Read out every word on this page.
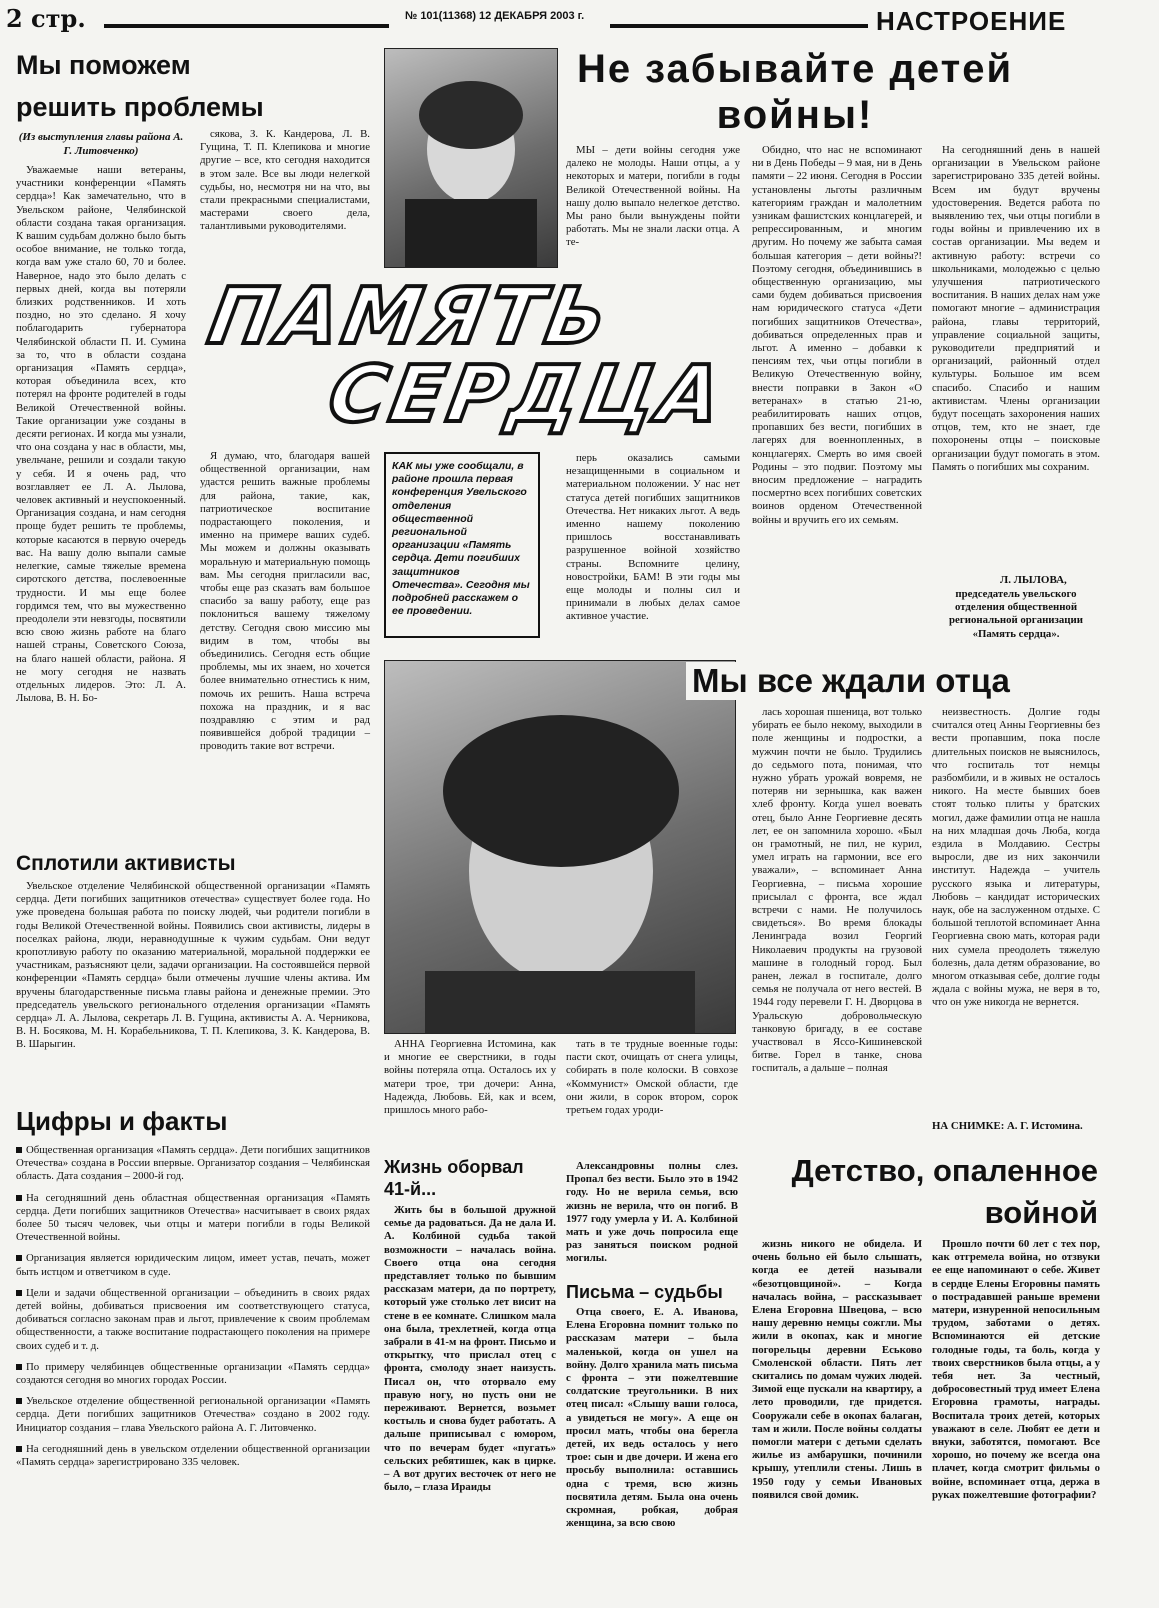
2 стр.	№ 101(11368) 12 ДЕКАБРЯ 2003 г.	НАСТРОЕНИЕ
Мы поможем решить проблемы
(Из выступления главы района А. Г. Литовченко)

Уважаемые наши ветераны, участники конференции «Память сердца»! Как замечательно, что в Увельском районе, Челябинской области создана такая организация. К вашим судьбам должно было быть особое внимание, не только тогда, когда вам уже стало 60, 70 и более. Наверное, надо это было делать с первых дней, когда вы потеряли близких родственников. И хоть поздно, но это сделано. Я хочу поблагодарить губернатора Челябинской области П. И. Сумина за то, что в области создана организация «Память сердца», которая объединила всех, кто потерял на фронте родителей в годы Великой Отечественной войны. Такие организации уже созданы в десяти регионах. И когда мы узнали, что она создана у нас в области, мы, увельчане, решили и создали такую у себя. И я очень рад, что возглавляет ее Л. А. Лылова, человек активный и неуспокоенный. Организация создана, и нам сегодня проще будет решить те проблемы, которые касаются в первую очередь вас. На вашу долю выпали самые нелегкие, самые тяжелые времена сиротского детства, послевоенные трудности. И мы еще более гордимся тем, что вы мужественно преодолели эти невзгоды, посвятили всю свою жизнь работе на благо нашей страны, Советского Союза, на благо нашей области, района. Я не могу сегодня не назвать отдельных лидеров. Это: Л. А. Лылова, В. Н. Бо-

сякова, З. К. Кандерова, Л. В. Гущина, Т. П. Клепикова и многие другие – все, кто сегодня находится в этом зале. Все вы люди нелегкой судьбы, но, несмотря ни на что, вы стали прекрасными специалистами, мастерами своего дела, талантливыми руководителями.

Я думаю, что, благодаря вашей общественной организации, нам удастся решить важные проблемы для района, такие, как, патриотическое воспитание подрастающего поколения, и именно на примере ваших судеб. Мы можем и должны оказывать моральную и материальную помощь вам. Мы сегодня пригласили вас, чтобы еще раз сказать вам большое спасибо за вашу работу, еще раз поклониться вашему тяжелому детству. Сегодня свою миссию мы видим в том, чтобы вы объединились. Сегодня есть общие проблемы, мы их знаем, но хочется более внимательно отнестись к ним, помочь их решить. Наша встреча похожа на праздник, и я вас поздравляю с этим и рад появившейся доброй традиции – проводить такие вот встречи.

Сплотили активисты

Увельское отделение Челябинской общественной организации «Память сердца. Дети погибших защитников отечества» существует более года. Но уже проведена большая работа по поиску людей, чьи родители погибли в годы Великой Отечественной войны. Появились свои активисты, лидеры в поселках района, люди, неравнодушные к чужим судьбам. Они ведут кропотливую работу по оказанию материальной, моральной поддержки ее участникам, разъясняют цели, задачи организации. На состоявшейся первой конференции «Память сердца» были отмечены лучшие члены актива. Им вручены благодарственные письма главы района и денежные премии. Это председатель увельского регионального отделения организации «Память сердца» Л. А. Лылова, секретарь Л. В. Гущина, активисты А. А. Черникова, В. Н. Босякова, М. Н. Корабельникова, Т. П. Клепикова, З. К. Кандерова, В. В. Шарыгин.

Цифры и факты
Общественная организация «Память сердца». Дети погибших защитников Отечества» создана в России впервые. Организатор создания – Челябинская область. Дата создания – 2000-й год.
На сегодняшний день областная общественная организация «Память сердца. Дети погибших защитников Отечества» насчитывает в своих рядах более 50 тысяч человек, чьи отцы и матери погибли в годы Великой Отечественной войны.
Организация является юридическим лицом, имеет устав, печать, может быть истцом и ответчиком в суде.
Цели и задачи общественной организации – объединить в своих рядах детей войны, добиваться присвоения им соответствующего статуса, добиваться согласно законам прав и льгот, привлечение к своим проблемам общественности, а также воспитание подрастающего поколения на примере своих судеб и т. д.
По примеру челябинцев общественные организации «Память сердца» создаются сегодня во многих городах России.
Увельское отделение общественной региональной организации «Память сердца. Дети погибших защитников Отечества» создано в 2002 году. Инициатор создания – глава Увельского района А. Г. Литовченко.
На сегодняшний день в увельском отделении общественной организации «Память сердца» зарегистрировано 335 человек.
Не забывайте детей войны!
ПАМЯТЬ
СЕРДЦА
КАК мы уже сообщали, в районе прошла первая конференция Увельского отделения общественной региональной организации «Память сердца. Дети погибших защитников Отечества». Сегодня мы подробней расскажем о ее проведении.

МЫ – дети войны сегодня уже далеко не молоды. Наши отцы, а у некоторых и матери, погибли в годы Великой Отечественной войны. На нашу долю выпало нелегкое детство. Мы рано были вынуждены пойти работать. Мы не знали ласки отца. А те-

перь оказались самыми незащищенными в социальном и материальном положении. У нас нет статуса детей погибших защитников Отечества. Нет никаких льгот. А ведь именно нашему поколению пришлось восстанавливать разрушенное войной хозяйство страны. Вспомните целину, новостройки, БАМ! В эти годы мы еще молоды и полны сил и принимали в любых делах самое активное участие.

Обидно, что нас не вспоминают ни в День Победы – 9 мая, ни в День памяти – 22 июня. Сегодня в России установлены льготы различным категориям граждан и малолетним узникам фашистских концлагерей, и репрессированным, и многим другим. Но почему же забыта самая большая категория – дети войны?! Поэтому сегодня, объединившись в общественную организацию, мы сами будем добиваться присвоения нам юридического статуса «Дети погибших защитников Отечества», добиваться определенных прав и льгот. А именно – добавки к пенсиям тех, чьи отцы погибли в Великую Отечественную войну, внести поправки в Закон «О ветеранах» в статью 21-ю, реабилитировать наших отцов, пропавших без вести, погибших в лагерях для военнопленных, в концлагерях. Смерть во имя своей Родины – это подвиг. Поэтому мы вносим предложение – наградить посмертно всех погибших советских воинов орденом Отечественной войны и вручить его их семьям.

На сегодняшний день в нашей организации в Увельском районе зарегистрировано 335 детей войны. Всем им будут вручены удостоверения. Ведется работа по выявлению тех, чьи отцы погибли в годы войны и привлечению их в состав организации. Мы ведем и активную работу: встречи со школьниками, молодежью с целью улучшения патриотического воспитания. В наших делах нам уже помогают многие – администрация района, главы территорий, управление социальной защиты, руководители предприятий и организаций, районный отдел культуры. Большое им всем спасибо. Спасибо и нашим активистам. Члены организации будут посещать захоронения наших отцов, тем, кто не знает, где похоронены отцы – поисковые организации будут помогать в этом. Память о погибших мы сохраним.

Л. ЛЫЛОВА,
председатель увельского отделения общественной региональной организации «Память сердца».
Мы все ждали отца

АННА Георгиевна Истомина, как и многие ее сверстники, в годы войны потеряла отца. Осталось их у матери трое, три дочери: Анна, Надежда, Любовь. Ей, как и всем, пришлось много рабо-

тать в те трудные военные годы: пасти скот, очищать от снега улицы, собирать в поле колоски. В совхозе «Коммунист» Омской области, где они жили, в сорок втором, сорок третьем годах уроди-

лась хорошая пшеница, вот только убирать ее было некому, выходили в поле женщины и подростки, а мужчин почти не было. Трудились до седьмого пота, понимая, что нужно убрать урожай вовремя, не потеряв ни зернышка, как важен хлеб фронту. Когда ушел воевать отец, было Анне Георгиевне десять лет, ее он запомнила хорошо. «Был он грамотный, не пил, не курил, умел играть на гармонии, все его уважали», – вспоминает Анна Георгиевна, – письма хорошие присылал с фронта, все ждал встречи с нами. Не получилось свидеться». Во время блокады Ленинграда возил Георгий Николаевич продукты на грузовой машине в голодный город. Был ранен, лежал в госпитале, долго семья не получала от него вестей. В 1944 году перевели Г. Н. Дворцова в Уральскую добровольческую танковую бригаду, в ее составе участвовал в Яссо-Кишиневской битве. Горел в танке, снова госпиталь, а дальше – полная

неизвестность. Долгие годы считался отец Анны Георгиевны без вести пропавшим, пока после длительных поисков не выяснилось, что госпиталь тот немцы разбомбили, и в живых не осталось никого. На месте бывших боев стоят только плиты у братских могил, даже фамилии отца не нашла на них младшая дочь Люба, когда ездила в Молдавию. Сестры выросли, две из них закончили институт. Надежда – учитель русского языка и литературы, Любовь – кандидат исторических наук, обе на заслуженном отдыхе. С большой теплотой вспоминает Анна Георгиевна свою мать, которая ради них сумела преодолеть тяжелую болезнь, дала детям образование, во многом отказывая себе, долгие годы ждала с войны мужа, не веря в то, что он уже никогда не вернется.

НА СНИМКЕ: А. Г. Истомина.
Жизнь оборвал 41-й...

Жить бы в большой дружной семье да радоваться. Да не дала И. А. Колбиной судьба такой возможности – началась война. Своего отца она сегодня представляет только по бывшим рассказам матери, да по портрету, который уже столько лет висит на стене в ее комнате. Слишком мала она была, трехлетней, когда отца забрали в 41-м на фронт. Письмо и открытку, что прислал отец с фронта, смолоду знает наизусть. Писал он, что оторвало ему правую ногу, но пусть они не переживают. Вернется, возьмет костыль и снова будет работать. А дальше приписывал с юмором, что по вечерам будет «пугать» сельских ребятишек, как в цирке. – А вот других весточек от него не было, – глаза Ираиды

Александровны полны слез. Пропал без вести. Было это в 1942 году. Но не верила семья, всю жизнь не верила, что он погиб. В 1977 году умерла у И. А. Колбиной мать и уже дочь попросила еще раз заняться поиском родной могилы.

Письма – судьбы

Отца своего, Е. А. Иванова, Елена Егоровна помнит только по рассказам матери – была маленькой, когда он ушел на войну. Долго хранила мать письма с фронта – эти пожелтевшие солдатские треугольники. В них отец писал: «Слышу ваши голоса, а увидеться не могу». А еще он просил мать, чтобы она берегла детей, их ведь осталось у него трое: сын и две дочери. И жена его просьбу выполнила: оставшись одна с тремя, всю жизнь посвятила детям. Была она очень скромная, робкая, добрая женщина, за всю свою

Детство, опаленное войной

жизнь никого не обидела. И очень больно ей было слышать, когда ее детей называли «безотцовщиной». – Когда началась война, – рассказывает Елена Егоровна Швецова, – всю нашу деревню немцы сожгли. Мы жили в окопах, как и многие погорельцы деревни Еськово Смоленской области. Пять лет скитались по домам чужих людей. Зимой еще пускали на квартиру, а лето проводили, где придется. Сооружали себе в окопах балаган, там и жили. После войны солдаты помогли матери с детьми сделать жилье из амбарушки, починили крышу, утеплили стены. Лишь в 1950 году у семьи Ивановых появился свой домик.

Прошло почти 60 лет с тех пор, как отгремела война, но отзвуки ее еще напоминают о себе. Живет в сердце Елены Егоровны память о пострадавшей раньше времени матери, изнуренной непосильным трудом, заботами о детях. Вспоминаются ей детские голодные годы, та боль, когда у твоих сверстников была отцы, а у тебя нет. За честный, добросовестный труд имеет Елена Егоровна грамоты, награды. Воспитала троих детей, которых уважают в селе. Любят ее дети и внуки, заботятся, помогают. Все хорошо, но почему же всегда она плачет, когда смотрит фильмы о войне, вспоминает отца, держа в руках пожелтевшие фотографии?
